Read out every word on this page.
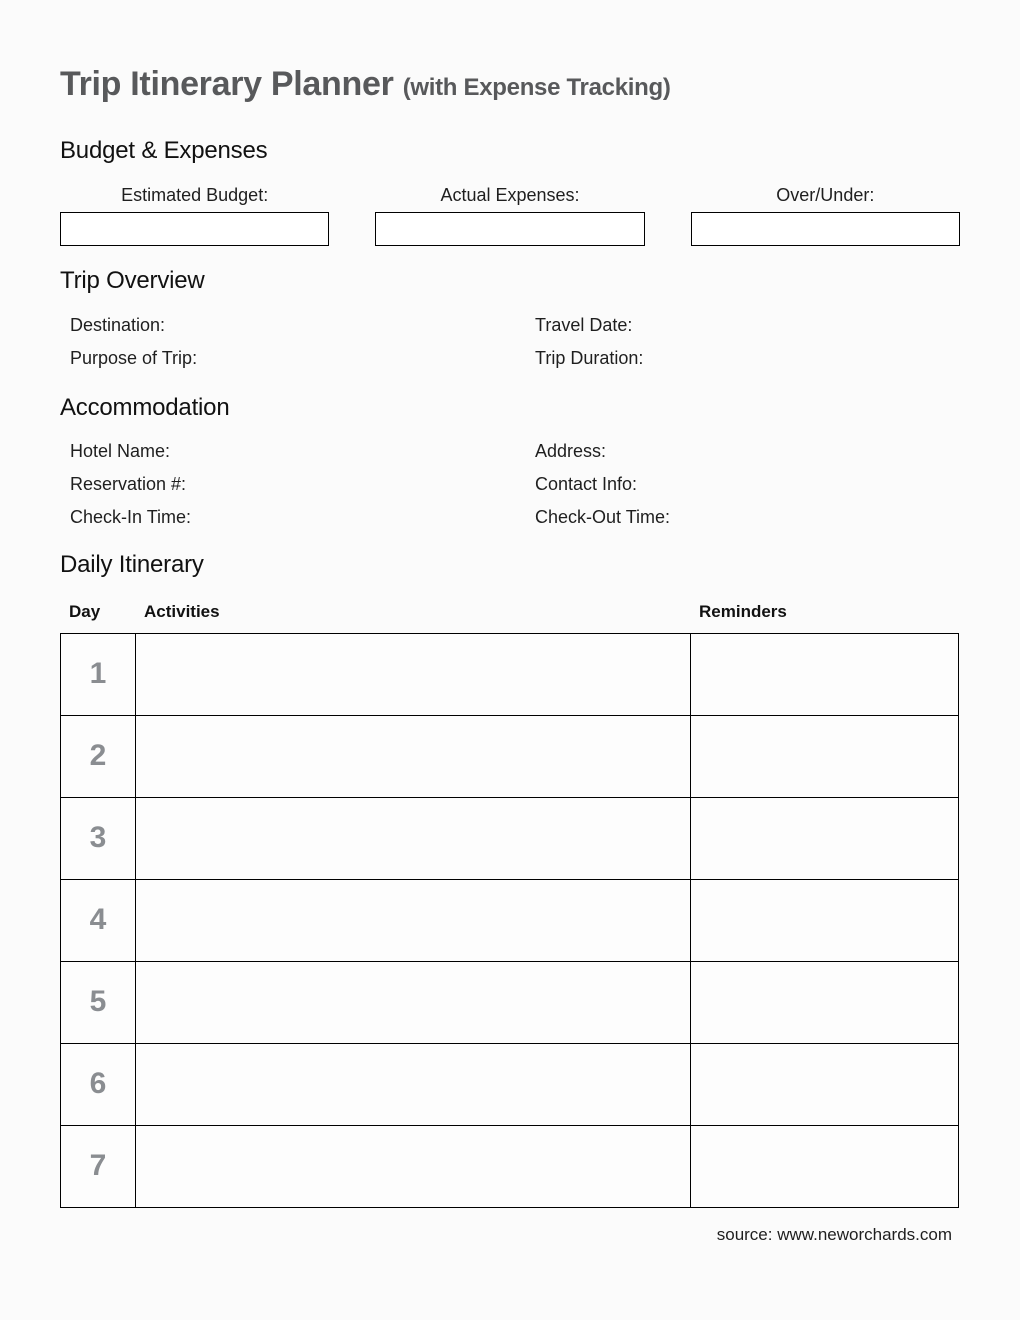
Trip Itinerary Planner (with Expense Tracking)
Budget & Expenses
Estimated Budget:	Actual Expenses:	Over/Under:
Trip Overview
Destination:	Travel Date:
Purpose of Trip:	Trip Duration:
Accommodation
Hotel Name:	Address:
Reservation #:	Contact Info:
Check-In Time:	Check-Out Time:
Daily Itinerary
Day	Activities	Reminders
1		
2		
3		
4		
5		
6		
7		
source: www.neworchards.com
